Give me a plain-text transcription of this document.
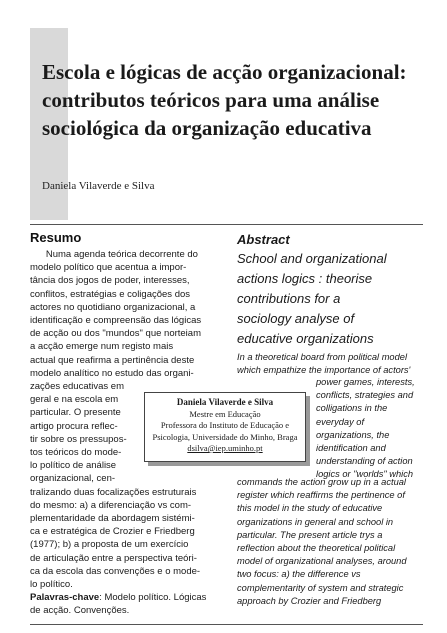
Escola e lógicas de acção organizacional: contributos teóricos para uma análise sociológica da organização educativa
Daniela Vilaverde e Silva
Resumo
Numa agenda teórica decorrente do
modelo político que acentua a impor-
tância dos jogos de poder, interesses,
conflitos, estratégias e coligações dos
actores no quotidiano organizacional, a
identificação e compreensão das lógicas
de acção ou dos "mundos" que norteiam
a acção emerge num registo mais
actual que reafirma a pertinência deste
modelo analítico no estudo das organi-
zações educativas em
geral e na escola em
particular. O presente
artigo procura reflec-
tir sobre os pressupos-
tos teóricos do mode-
lo político de análise
organizacional, cen-
tralizando duas focalizações estruturais
do mesmo: a) a diferenciação vs com-
plementaridade da abordagem sistémi-
ca e estratégica de Crozier e Friedberg
(1977); b) a proposta de um exercício
de articulação entre a perspectiva teóri-
ca da escola das convenções e o mode-
lo político.
Palavras-chave: Modelo político. Lógicas
de acção. Convenções.
Abstract
School and organizational
actions logics : theorise
contributions for a
sociology analyse of
educative organizations
In a theoretical board from political model
which empathize the importance of actors'
power games, interests,
conflicts, strategies and
colligations in the
everyday of
organizations, the
identification and
understanding of action
logics or "worlds" which
commands the action grow up in a actual
register which reaffirms the pertinence of
this model in the study of educative
organizations in general and school in
particular. The present article trys a
reflection about the theoretical political
model of organizational analyses, around
two focus: a) the difference vs
complementarity of system and strategic
approach by Crozier and Friedberg
Daniela Vilaverde e Silva
Mestre em Educação
Professora do Instituto de Educação e
Psicologia, Universidade do Minho, Braga
dsilva@iep.uminho.pt
